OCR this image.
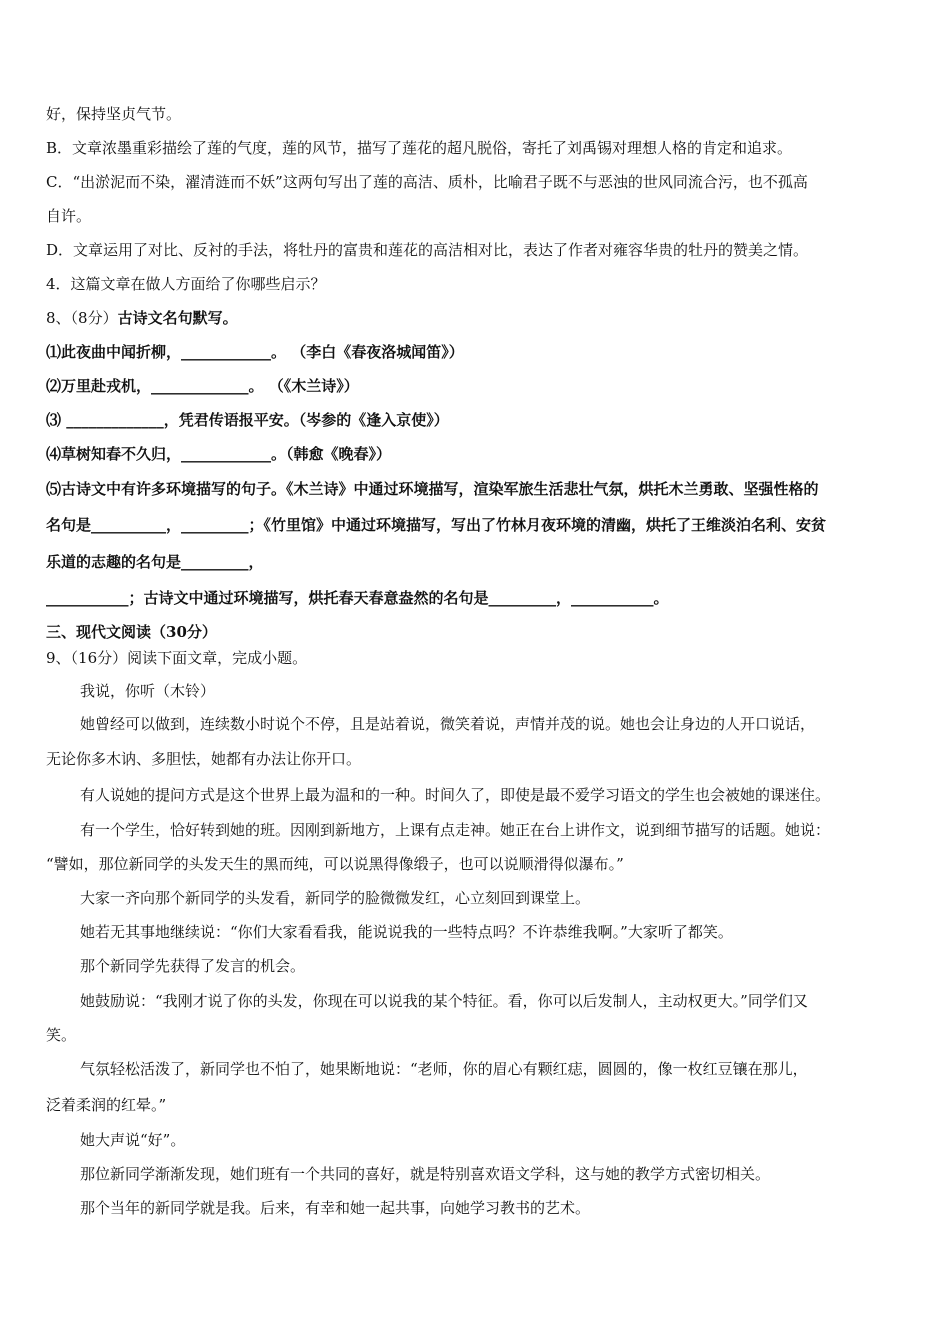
好，保持坚贞气节。
B．文章浓墨重彩描绘了莲的气度，莲的风节，描写了莲花的超凡脱俗，寄托了刘禹锡对理想人格的肯定和追求。
C．“出淤泥而不染，濯清涟而不妖”这两句写出了莲的高洁、质朴，比喻君子既不与恶浊的世风同流合污，也不孤高
自许。
D．文章运用了对比、反衬的手法，将牡丹的富贵和莲花的高洁相对比，表达了作者对雍容华贵的牡丹的赞美之情。
4．这篇文章在做人方面给了你哪些启示？
8、（8分）古诗文名句默写。
⑴此夜曲中闻折柳，____________。 （李白《春夜洛城闻笛》）
⑵万里赴戎机，_____________。 （《木兰诗》）
⑶ _____________，凭君传语报平安。（岑参的《逢入京使》）
⑷草树知春不久归，____________。（韩愈《晚春》）
⑸古诗文中有许多环境描写的句子。《木兰诗》中通过环境描写，渲染军旅生活悲壮气氛，烘托木兰勇敢、坚强性格的
名句是__________，_________；《竹里馆》中通过环境描写，写出了竹林月夜环境的清幽，烘托了王维淡泊名利、安贫
乐道的志趣的名句是_________，
___________；古诗文中通过环境描写，烘托春天春意盎然的名句是_________，___________。
三、现代文阅读（30分）
9、（16分）阅读下面文章，完成小题。
我说，你听（木铃）
她曾经可以做到，连续数小时说个不停，且是站着说，微笑着说，声情并茂的说。她也会让身边的人开口说话，
无论你多木讷、多胆怯，她都有办法让你开口。
有人说她的提问方式是这个世界上最为温和的一种。时间久了，即使是最不爱学习语文的学生也会被她的课迷住。
有一个学生，恰好转到她的班。因刚到新地方，上课有点走神。她正在台上讲作文，说到细节描写的话题。她说：
“譬如，那位新同学的头发天生的黑而纯，可以说黑得像缎子，也可以说顺滑得似瀑布。”
大家一齐向那个新同学的头发看，新同学的脸微微发红，心立刻回到课堂上。
她若无其事地继续说：“你们大家看看我，能说说我的一些特点吗？不许恭维我啊。”大家听了都笑。
那个新同学先获得了发言的机会。
她鼓励说：“我刚才说了你的头发，你现在可以说我的某个特征。看，你可以后发制人，主动权更大。”同学们又
笑。
气氛轻松活泼了，新同学也不怕了，她果断地说：“老师，你的眉心有颗红痣，圆圆的，像一枚红豆镶在那儿，
泛着柔润的红晕。”
她大声说“好”。
那位新同学渐渐发现，她们班有一个共同的喜好，就是特别喜欢语文学科，这与她的教学方式密切相关。
那个当年的新同学就是我。后来，有幸和她一起共事，向她学习教书的艺术。
